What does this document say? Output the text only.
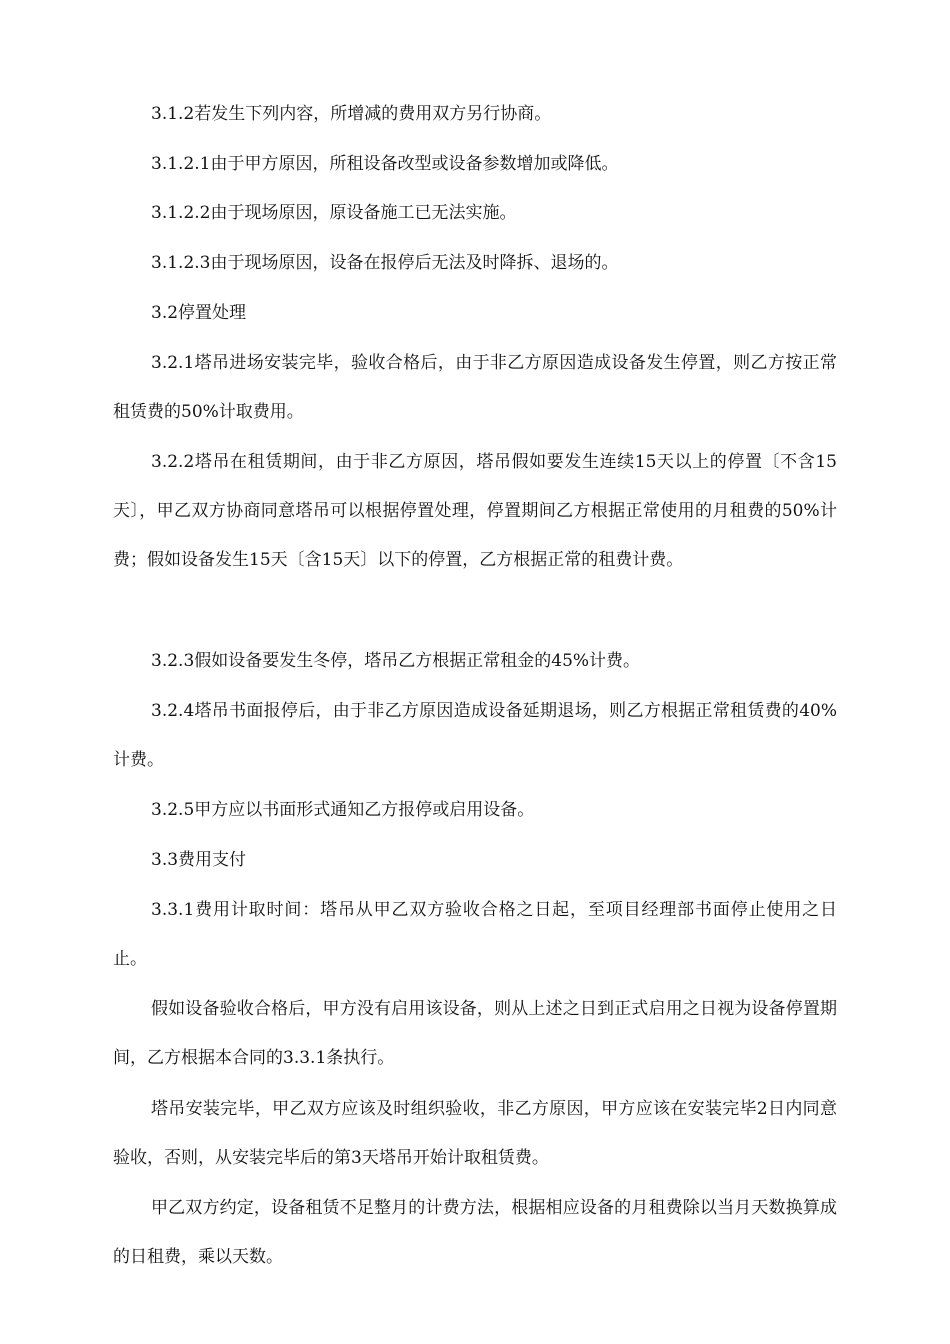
3.1.2若发生下列内容，所增减的费用双方另行协商。

3.1.2.1由于甲方原因，所租设备改型或设备参数增加或降低。

3.1.2.2由于现场原因，原设备施工已无法实施。

3.1.2.3由于现场原因，设备在报停后无法及时降拆、退场的。

3.2停置处理

3.2.1塔吊进场安装完毕，验收合格后，由于非乙方原因造成设备发生停置，则乙方按正常租赁费的50%计取费用。

3.2.2塔吊在租赁期间，由于非乙方原因，塔吊假如要发生连续15天以上的停置〔不含15天〕，甲乙双方协商同意塔吊可以根据停置处理，停置期间乙方根据正常使用的月租费的50%计费；假如设备发生15天〔含15天〕以下的停置，乙方根据正常的租费计费。

3.2.3假如设备要发生冬停，塔吊乙方根据正常租金的45%计费。

3.2.4塔吊书面报停后，由于非乙方原因造成设备延期退场，则乙方根据正常租赁费的40%计费。

3.2.5甲方应以书面形式通知乙方报停或启用设备。

3.3费用支付

3.3.1费用计取时间：塔吊从甲乙双方验收合格之日起，至项目经理部书面停止使用之日止。

假如设备验收合格后，甲方没有启用该设备，则从上述之日到正式启用之日视为设备停置期间，乙方根据本合同的3.3.1条执行。

塔吊安装完毕，甲乙双方应该及时组织验收，非乙方原因，甲方应该在安装完毕2日内同意验收，否则，从安装完毕后的第3天塔吊开始计取租赁费。

甲乙双方约定，设备租赁不足整月的计费方法，根据相应设备的月租费除以当月天数换算成的日租费，乘以天数。
